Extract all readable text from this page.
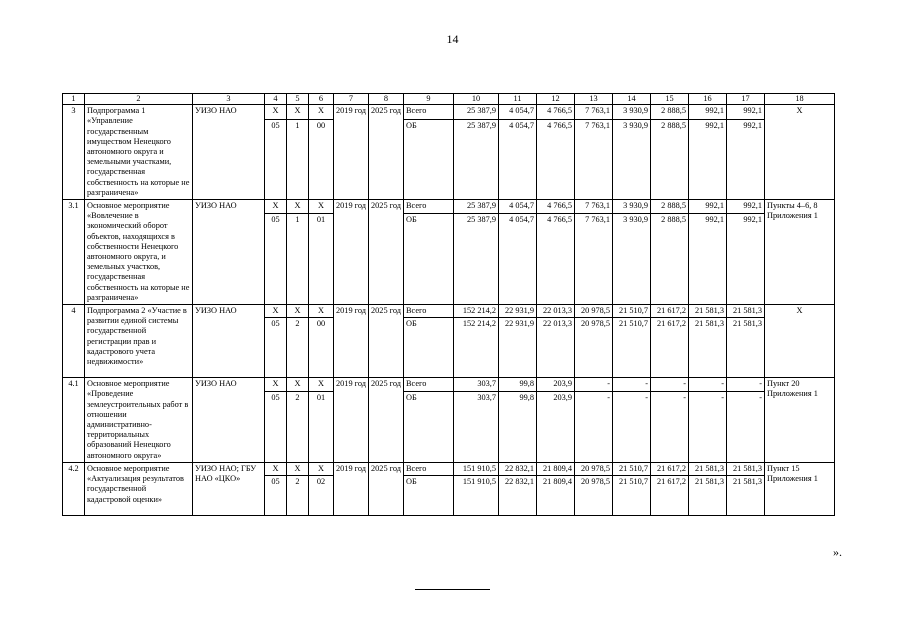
14
1	2	3	4	5	6	7	8	9	10	11	12	13	14	15	16	17	18
3	Подпрограмма 1 «Управление государственным имуществом Ненецкого автономного округа и земельными участками, государственная собственность на которые не разграничена»	УИЗО НАО	Х	Х	Х	2019 год	2025 год	Всего	25 387,9	4 054,7	4 766,5	7 763,1	3 930,9	2 888,5	992,1	992,1	Х
			05	1	00			ОБ	25 387,9	4 054,7	4 766,5	7 763,1	3 930,9	2 888,5	992,1	992,1	
3.1	Основное мероприятие «Вовлечение в экономический оборот объектов, находящихся в собственности Ненецкого автономного округа, и земельных участков, государственная собственность на которые не разграничена»	УИЗО НАО	Х	Х	Х	2019 год	2025 год	Всего	25 387,9	4 054,7	4 766,5	7 763,1	3 930,9	2 888,5	992,1	992,1	Пункты 4–6, 8 Приложения 1
			05	1	01			ОБ	25 387,9	4 054,7	4 766,5	7 763,1	3 930,9	2 888,5	992,1	992,1	
4	Подпрограмма 2 «Участие в развитии единой системы государственной регистрации прав и кадастрового учета недвижимости»	УИЗО НАО	Х	Х	Х	2019 год	2025 год	Всего	152 214,2	22 931,9	22 013,3	20 978,5	21 510,7	21 617,2	21 581,3	21 581,3	Х
			05	2	00			ОБ	152 214,2	22 931,9	22 013,3	20 978,5	21 510,7	21 617,2	21 581,3	21 581,3	
4.1	Основное мероприятие «Проведение землеустроительных работ в отношении административно-территориальных образований Ненецкого автономного округа»	УИЗО НАО	Х	Х	Х	2019 год	2025 год	Всего	303,7	99,8	203,9	-	-	-	-	-	Пункт 20 Приложения 1
			05	2	01			ОБ	303,7	99,8	203,9	-	-	-	-	-	
4.2	Основное мероприятие «Актуализация результатов государственной кадастровой оценки»	УИЗО НАО; ГБУ НАО «ЦКО»	Х	Х	Х	2019 год	2025 год	Всего	151 910,5	22 832,1	21 809,4	20 978,5	21 510,7	21 617,2	21 581,3	21 581,3	Пункт 15 Приложения 1
			05	2	02			ОБ	151 910,5	22 832,1	21 809,4	20 978,5	21 510,7	21 617,2	21 581,3	21 581,3	
».
